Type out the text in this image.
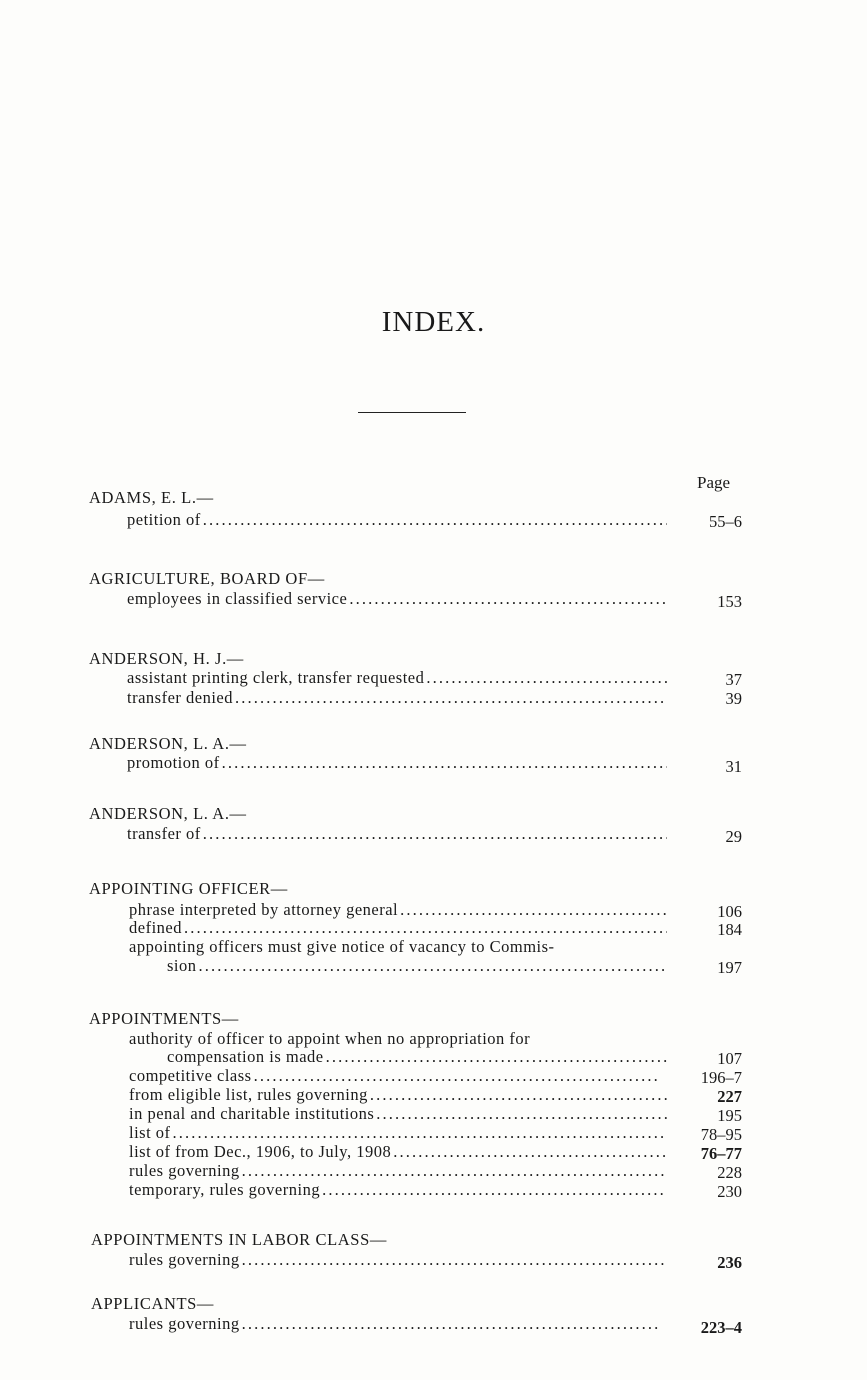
INDEX.
Page
ADAMS, E. L.—
petition of . . .	55–6
AGRICULTURE, BOARD OF—
employees in classified service . . .	153
ANDERSON, H. J.—
assistant printing clerk, transfer requested . . .	37
transfer denied . . .	39
ANDERSON, L. A.—
promotion of . . .	31
ANDERSON, L. A.—
transfer of . . .	29
APPOINTING OFFICER—
phrase interpreted by attorney general . . .	106
defined . . .	184
appointing officers must give notice of vacancy to Commis-
sion . . .	197
APPOINTMENTS—
authority of officer to appoint when no appropriation for
compensation is made . . .	107
competitive class . . .	196–7
from eligible list, rules governing . . .	227
in penal and charitable institutions . . .	195
list of . . .	78–95
list of from Dec., 1906, to July, 1908 . . .	76–77
rules governing . . .	228
temporary, rules governing . . .	230
APPOINTMENTS IN LABOR CLASS—
rules governing . . .	236
APPLICANTS—
rules governing . . .	223–4
